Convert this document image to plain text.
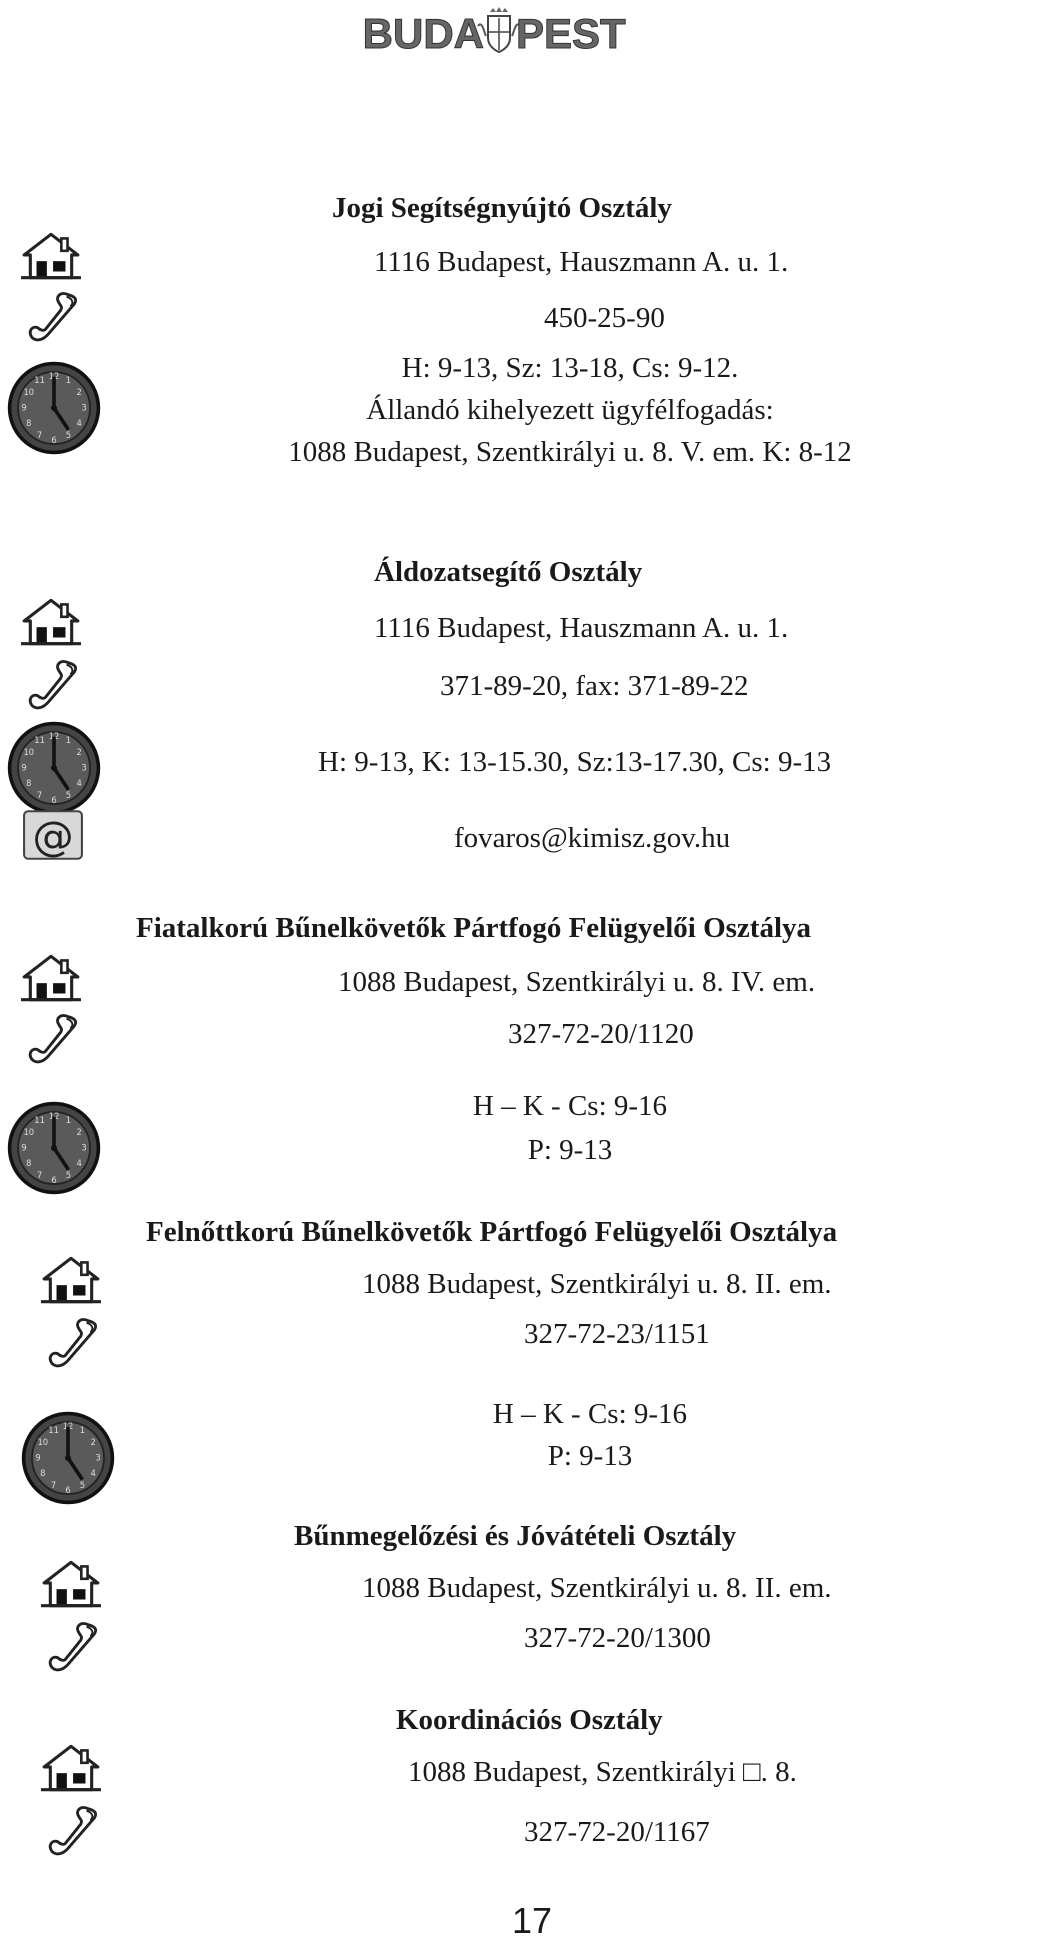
BUDA PEST
Jogi Segítségnyújtó Osztály
1116 Budapest, Hauszmann A. u. 1.
450-25-90
H: 9-13, Sz: 13-18, Cs: 9-12.
Állandó kihelyezett ügyfélfogadás:
1088 Budapest, Szentkirályi u. 8. V. em. K: 8-12
Áldozatsegítő Osztály
1116 Budapest, Hauszmann A. u. 1.
371-89-20, fax: 371-89-22
H: 9-13, K: 13-15.30, Sz:13-17.30, Cs: 9-13
fovaros@kimisz.gov.hu
Fiatalkorú Bűnelkövetők Pártfogó Felügyelői Osztálya
1088 Budapest, Szentkirályi u. 8. IV. em.
327-72-20/1120
H – K - Cs: 9-16
P: 9-13
Felnőttkorú Bűnelkövetők Pártfogó Felügyelői Osztálya
1088 Budapest, Szentkirályi u. 8. II. em.
327-72-23/1151
H – K - Cs: 9-16
P: 9-13
Bűnmegelőzési és Jóvátételi Osztály
1088 Budapest, Szentkirályi u. 8. II. em.
327-72-20/1300
Koordinációs Osztály
1088 Budapest, Szentkirályi □. 8.
327-72-20/1167
17
